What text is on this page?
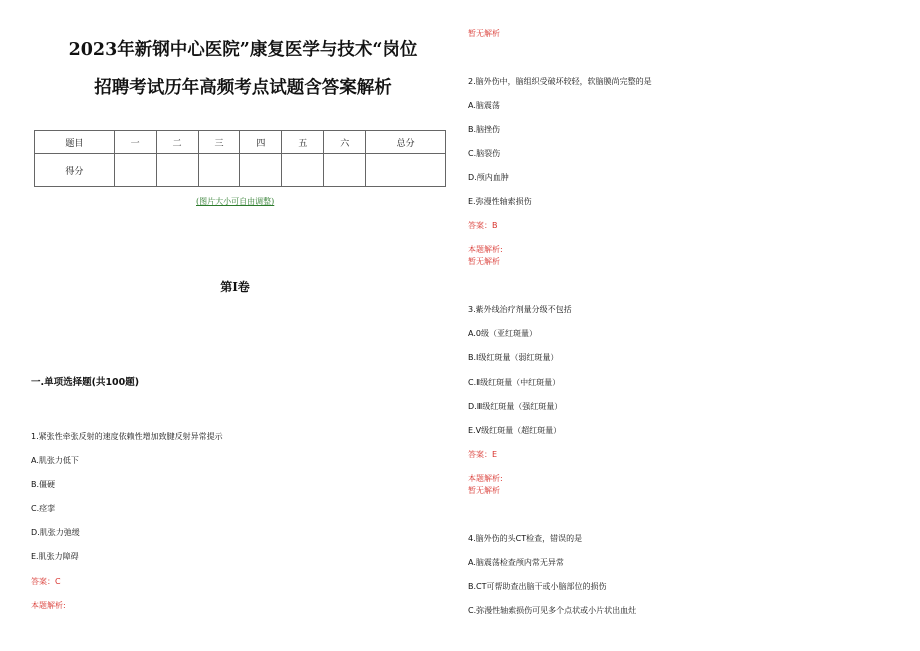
2023年新钢中心医院”康复医学与技术“岗位
招聘考试历年高频考点试题含答案解析
题目	一	二	三	四	五	六	总分
得分							
(图片大小可自由调整)
第Ⅰ卷
一.单项选择题(共100题)
1.紧张性牵张反射的速度依赖性增加致腱反射异常提示
A.肌张力低下
B.僵硬
C.痉挛
D.肌张力弛缓
E.肌张力障碍
答案：C
本题解析:
暂无解析
2.脑外伤中，脑组织受破坏较轻，软脑膜尚完整的是
A.脑震荡
B.脑挫伤
C.脑裂伤
D.颅内血肿
E.弥漫性轴索损伤
答案：B
本题解析:
暂无解析
3.紫外线治疗剂量分级不包括
A.0级（亚红斑量）
B.Ⅰ级红斑量（弱红斑量）
C.Ⅱ级红斑量（中红斑量）
D.Ⅲ级红斑量（强红斑量）
E.Ⅴ级红斑量（超红斑量）
答案：E
本题解析:
暂无解析
4.脑外伤的头CT检查，错误的是
A.脑震荡检查颅内常无异常
B.CT可帮助查出脑干或小脑部位的损伤
C.弥漫性轴索损伤可见多个点状或小片状出血灶
